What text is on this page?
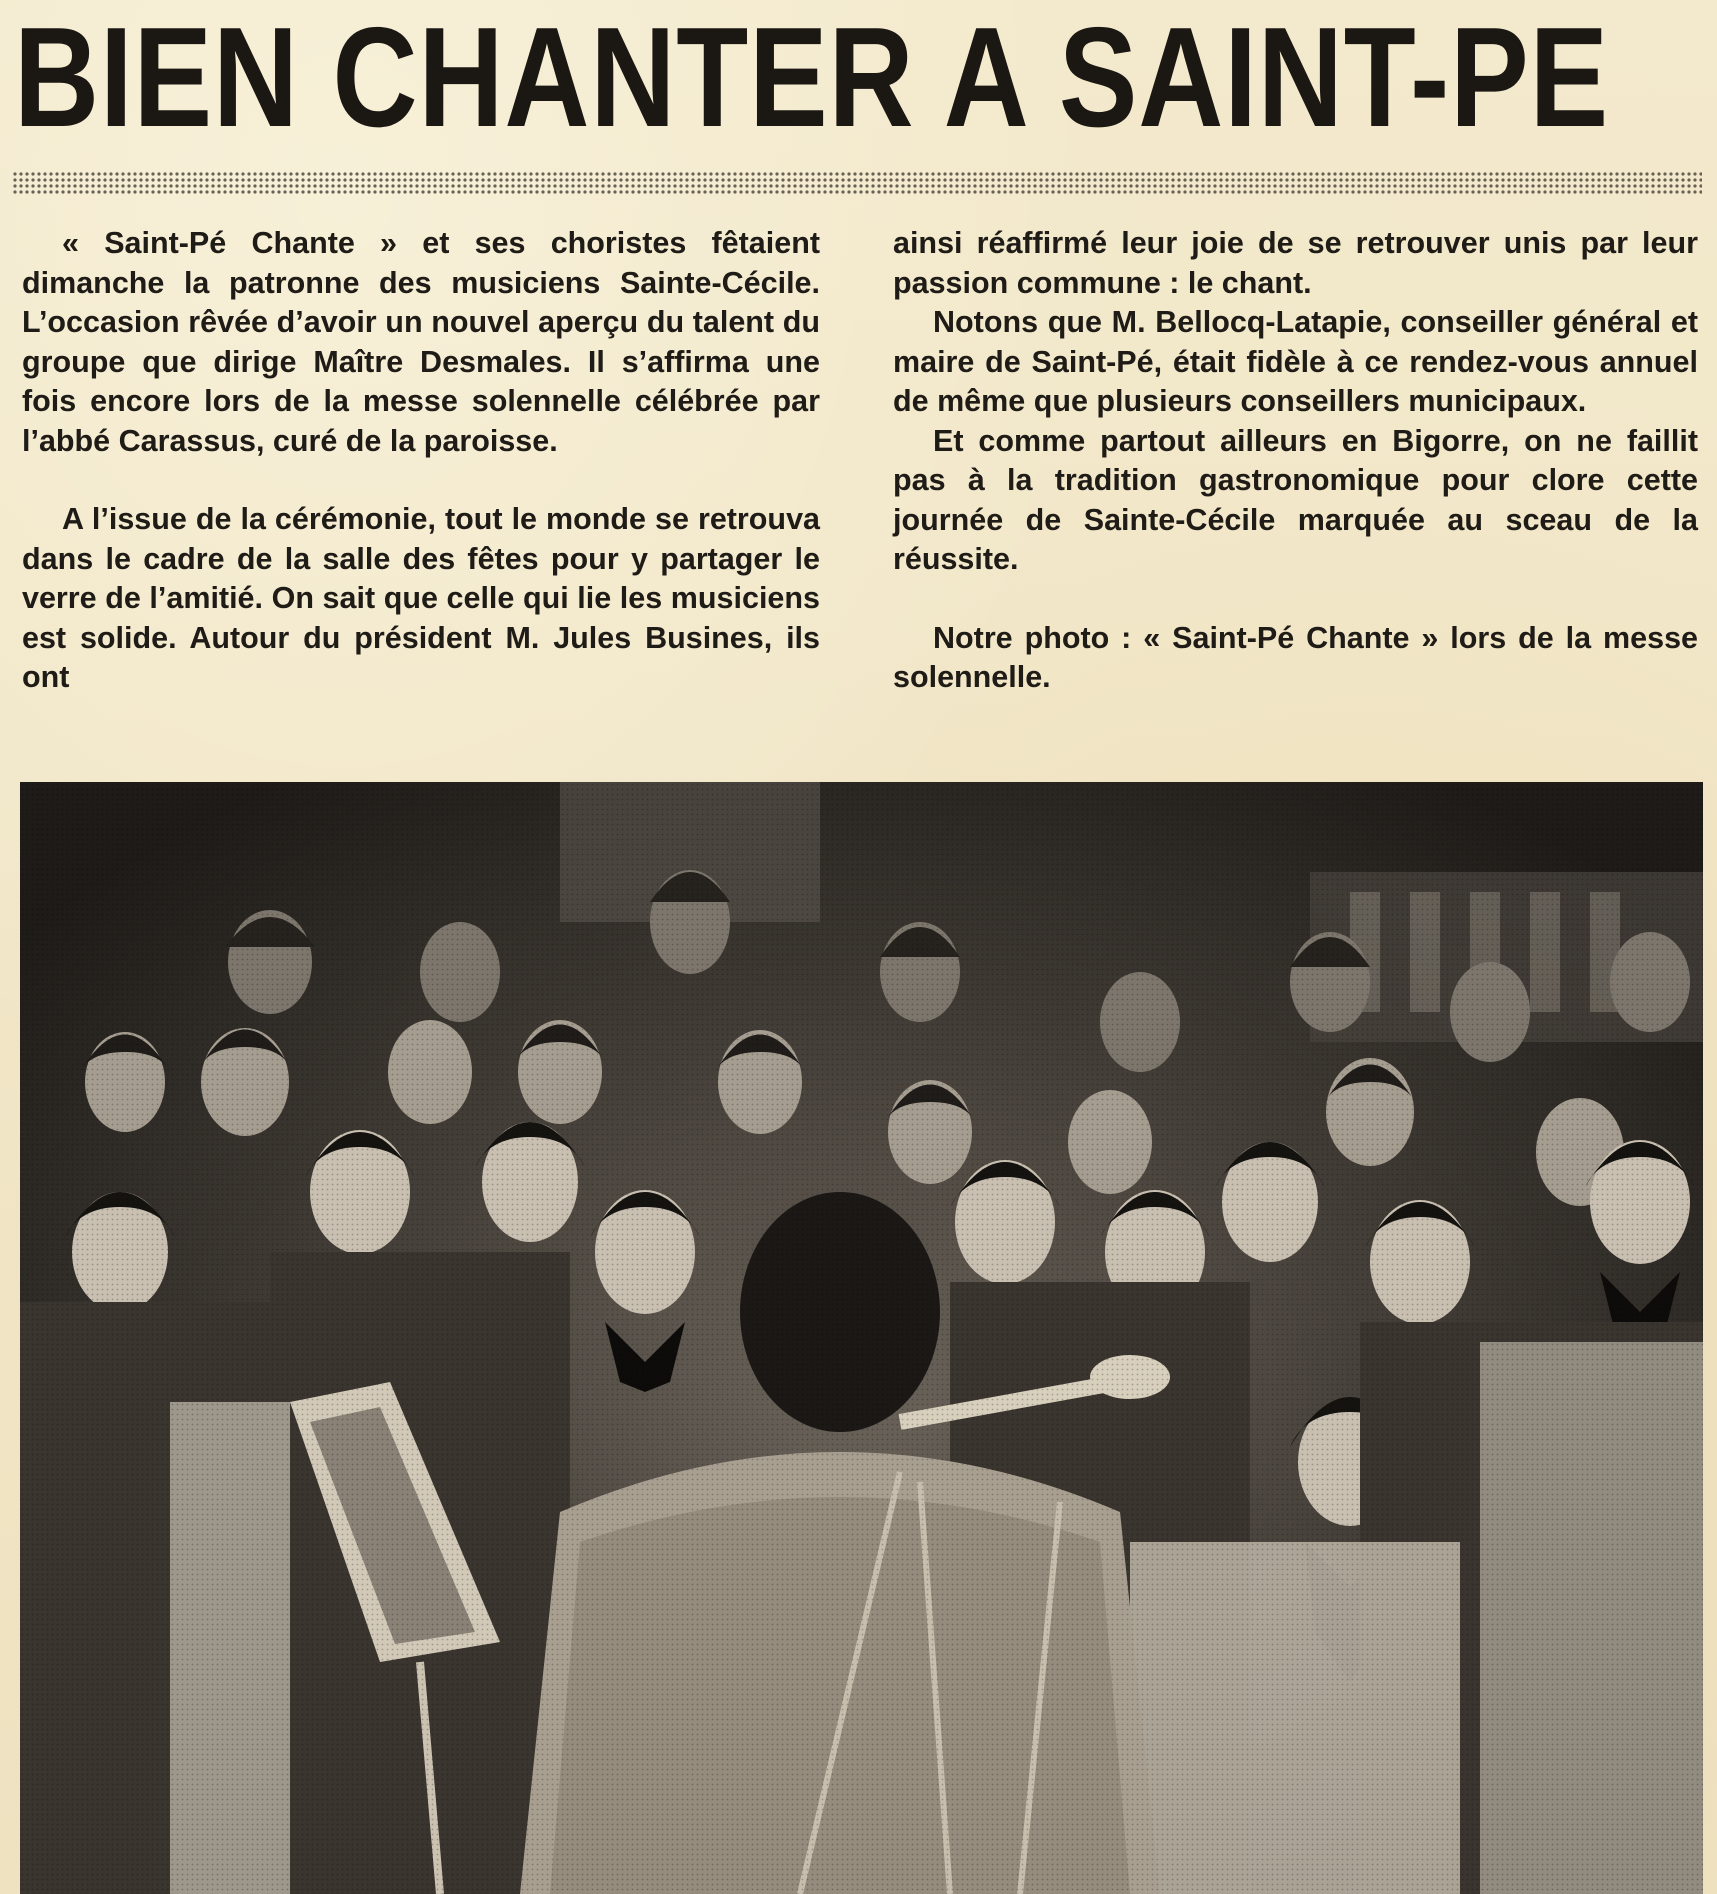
BIEN CHANTER A SAINT-PE

« Saint-Pé Chante » et ses choristes fêtaient dimanche la patronne des musiciens Sainte-Cécile. L’occasion rêvée d’avoir un nouvel aperçu du talent du groupe que dirige Maître Desmales. Il s’affirma une fois encore lors de la messe solennelle célébrée par l’abbé Carassus, curé de la paroisse.

A l’issue de la cérémonie, tout le monde se retrouva dans le cadre de la salle des fêtes pour y partager le verre de l’amitié. On sait que celle qui lie les musiciens est solide. Autour du président M. Jules Busines, ils ont

ainsi réaffirmé leur joie de se retrouver unis par leur passion commune : le chant.

Notons que M. Bellocq-Latapie, conseiller général et maire de Saint-Pé, était fidèle à ce rendez-vous annuel de même que plusieurs conseillers municipaux.

Et comme partout ailleurs en Bigorre, on ne faillit pas à la tradition gastronomique pour clore cette journée de Sainte-Cécile marquée au sceau de la réussite.

Notre photo : « Saint-Pé Chante » lors de la messe solennelle.
